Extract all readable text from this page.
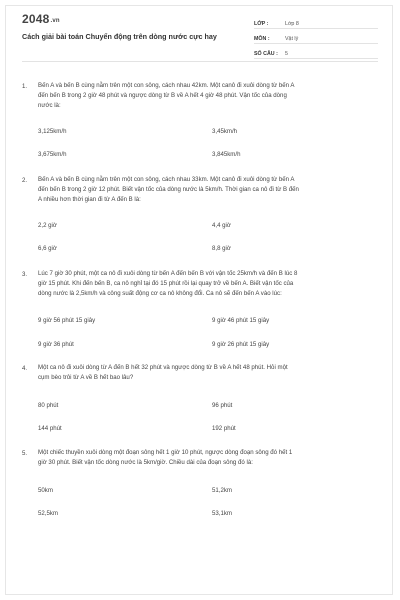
2048.vn
Cách giải bài toán Chuyển động trên dòng nước cực hay
LỚP :	Lớp 8
MÔN :	Vật lý
SỐ CÂU :	5
1. Bến A và bến B cùng nằm trên một con sông, cách nhau 42km. Một canô đi xuôi dòng từ bến A
đến bến B trong 2 giờ 48 phút và ngược dòng từ B về A hết 4 giờ 48 phút. Vận tốc của dòng
nước là:
3,125km/h	3,45km/h
3,675km/h	3,845km/h
2. Bến A và bến B cùng nằm trên một con sông, cách nhau 33km. Một canô đi xuôi dòng từ bến A
đến bến B trong 2 giờ 12 phút. Biết vận tốc của dòng nước là 5km/h. Thời gian ca nô đi từ B đến
A nhiều hơn thời gian đi từ A đến B là:
2,2 giờ	4,4 giờ
6,6 giờ	8,8 giờ
3. Lúc 7 giờ 30 phút, một ca nô đi xuôi dòng từ bến A đến bến B với vận tốc 25km/h và đến B lúc 8
giờ 15 phút. Khi đến bến B, ca nô nghỉ tại đó 15 phút rồi lại quay trở về bến A. Biết vận tốc của
dòng nước là 2,5km/h và công suất động cơ ca nô không đổi. Ca nô sẽ đến bến A vào lúc:
9 giờ 56 phút 15 giây	9 giờ 46 phút 15 giây
9 giờ 36 phút	9 giờ 26 phút 15 giây
4. Một ca nô đi xuôi dòng từ A đến B hết 32 phút và ngược dòng từ B về A hết 48 phút. Hỏi một
cụm bèo trôi từ A về B hết bao lâu?
80 phút	96 phút
144 phút	192 phút
5. Một chiếc thuyền xuôi dòng một đoạn sông hết 1 giờ 10 phút, ngược dòng đoạn sông đó hết 1
giờ 30 phút. Biết vận tốc dòng nước là 5km/giờ. Chiều dài của đoạn sông đó là:
50km	51,2km
52,5km	53,1km
